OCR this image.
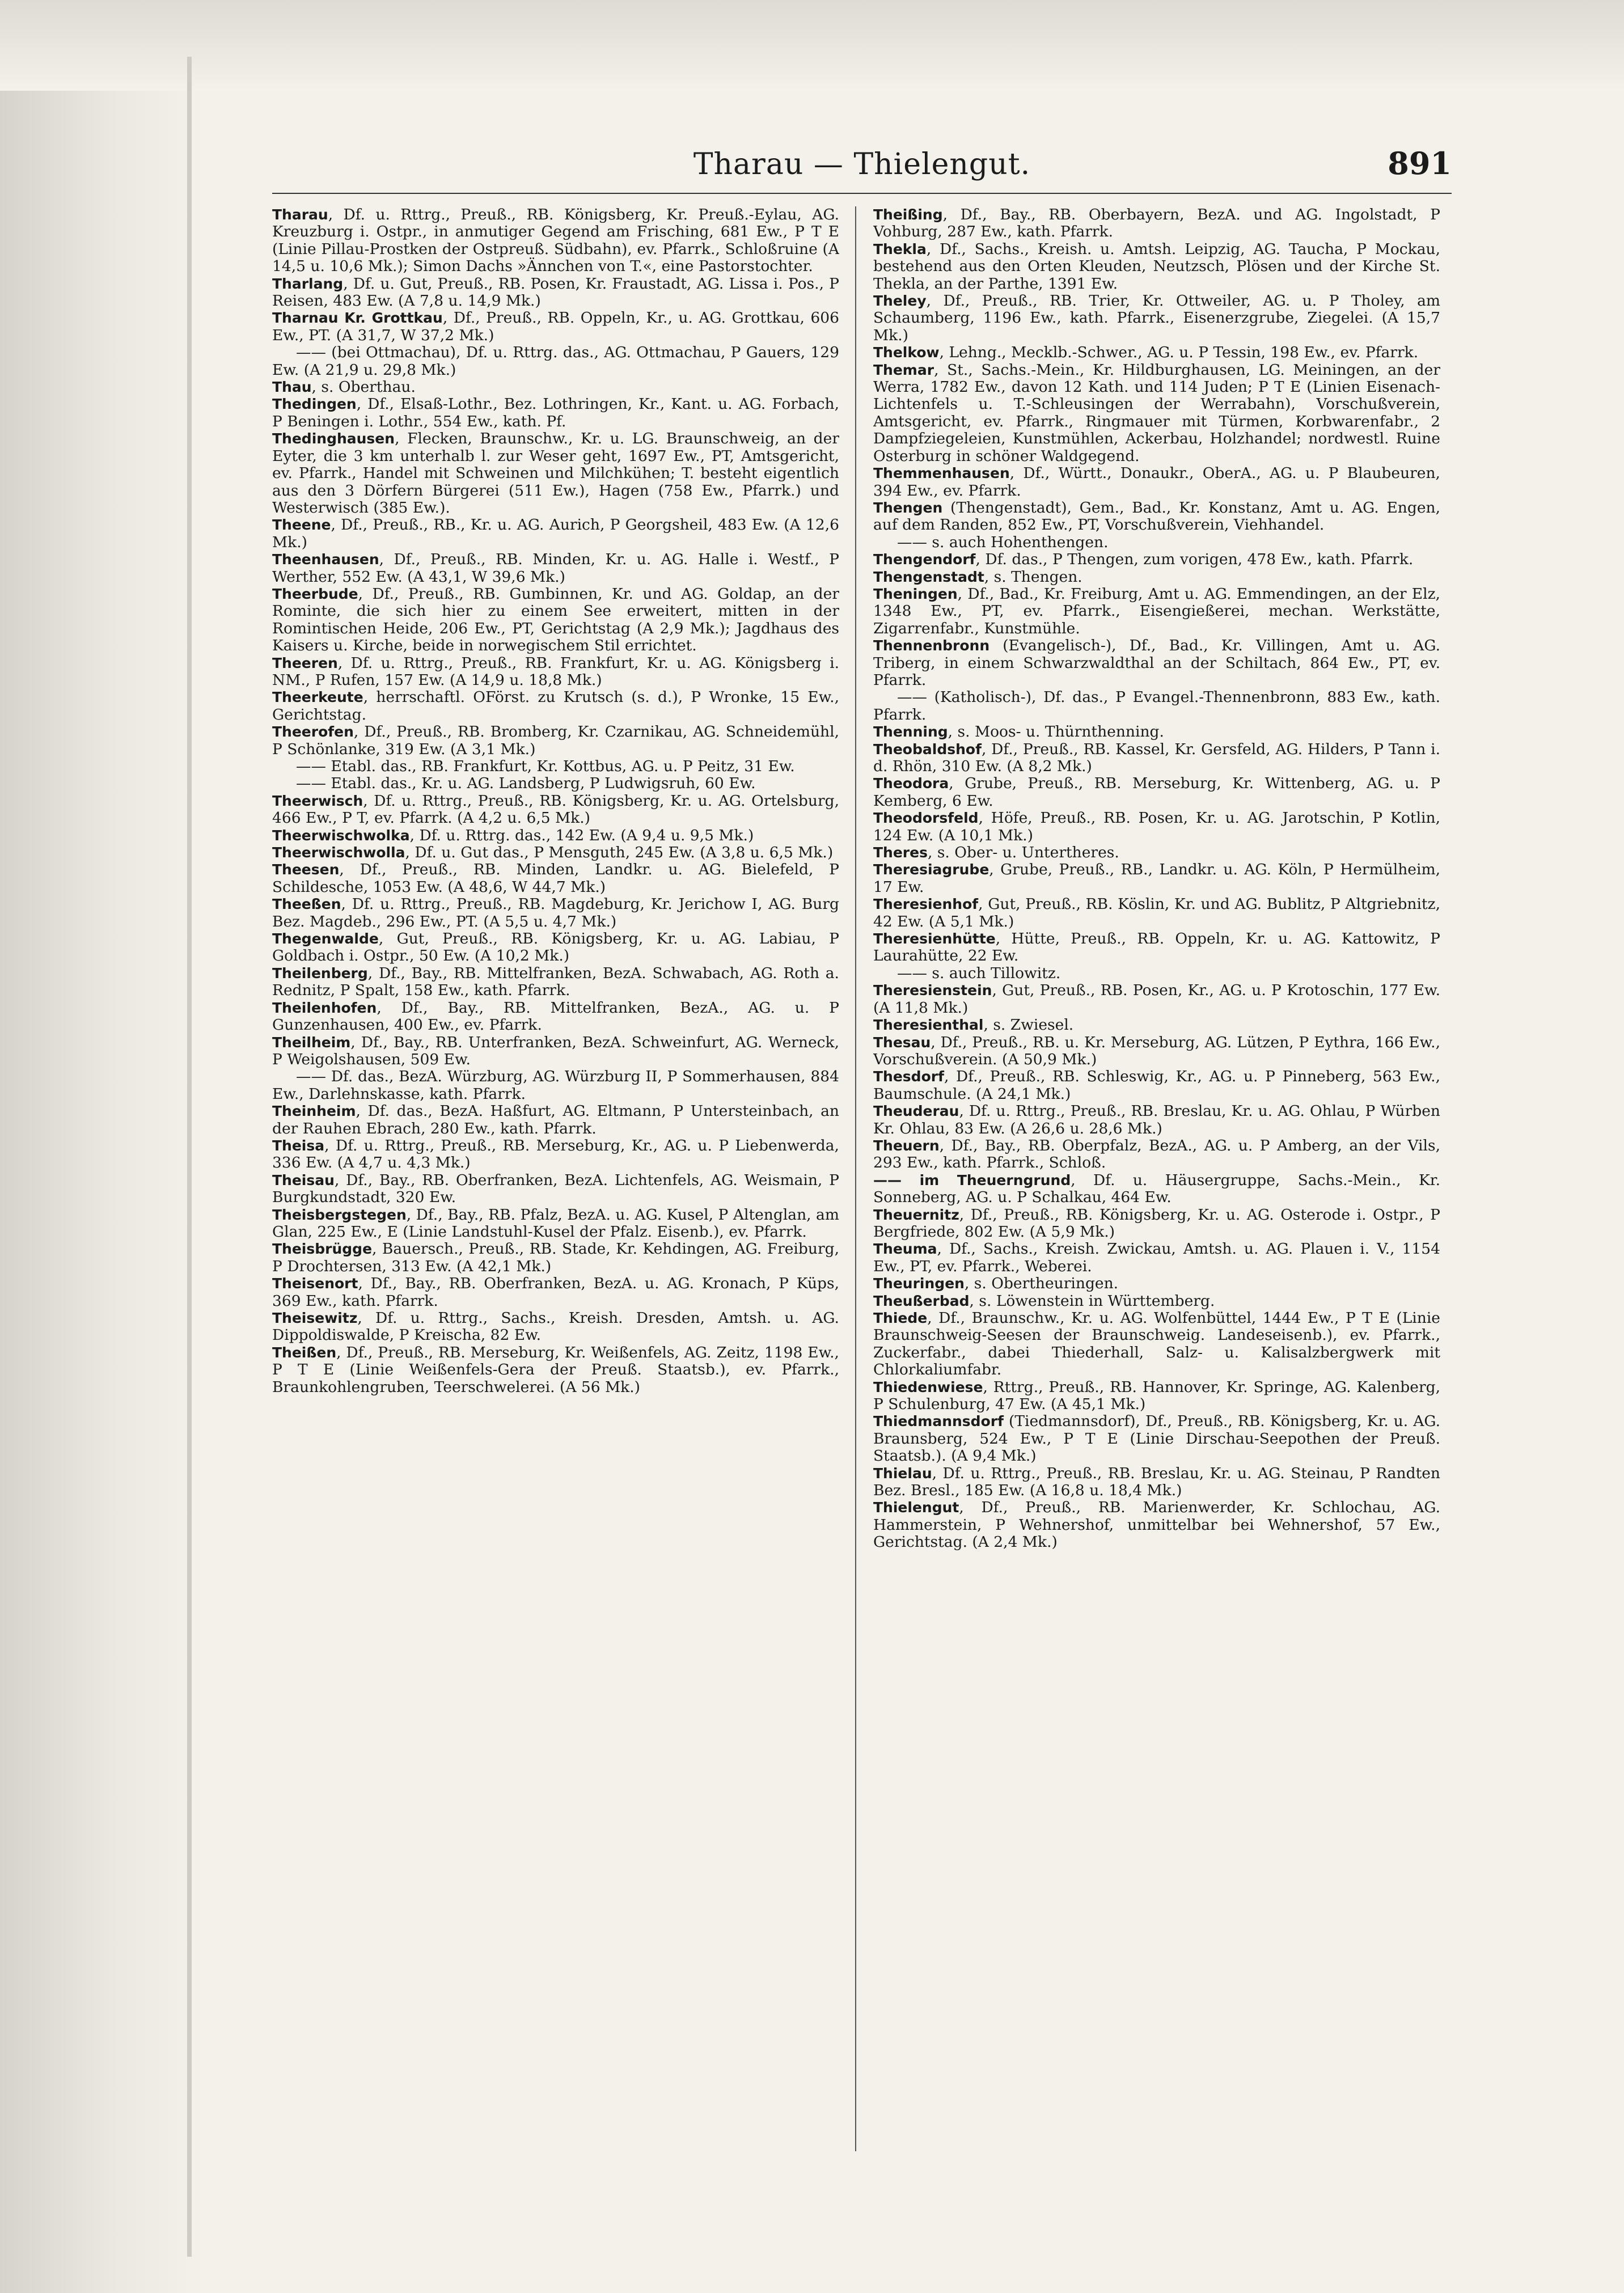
Tharau — Thielengut.	891

Tharau, Df. u. Rttrg., Preuß., RB. Königsberg, Kr. Preuß.-Eylau, AG. Kreuzburg i. Ostpr., in anmutiger Gegend am Frisching, 681 Ew., P T E (Linie Pillau-Prostken der Ostpreuß. Südbahn), ev. Pfarrk., Schloßruine (A 14,5 u. 10,6 Mk.); Simon Dachs »Ännchen von T.«, eine Pastorstochter.

Tharlang, Df. u. Gut, Preuß., RB. Posen, Kr. Fraustadt, AG. Lissa i. Pos., P Reisen, 483 Ew. (A 7,8 u. 14,9 Mk.)

Tharnau Kr. Grottkau, Df., Preuß., RB. Oppeln, Kr., u. AG. Grottkau, 606 Ew., PT. (A 31,7, W 37,2 Mk.)

—— (bei Ottmachau), Df. u. Rttrg. das., AG. Ottmachau, P Gauers, 129 Ew. (A 21,9 u. 29,8 Mk.)

Thau, s. Oberthau.

Thedingen, Df., Elsaß-Lothr., Bez. Lothringen, Kr., Kant. u. AG. Forbach, P Beningen i. Lothr., 554 Ew., kath. Pf.

Thedinghausen, Flecken, Braunschw., Kr. u. LG. Braunschweig, an der Eyter, die 3 km unterhalb l. zur Weser geht, 1697 Ew., PT, Amtsgericht, ev. Pfarrk., Handel mit Schweinen und Milchkühen; T. besteht eigentlich aus den 3 Dörfern Bürgerei (511 Ew.), Hagen (758 Ew., Pfarrk.) und Westerwisch (385 Ew.).

Theene, Df., Preuß., RB., Kr. u. AG. Aurich, P Georgsheil, 483 Ew. (A 12,6 Mk.)

Theenhausen, Df., Preuß., RB. Minden, Kr. u. AG. Halle i. Westf., P Werther, 552 Ew. (A 43,1, W 39,6 Mk.)

Theerbude, Df., Preuß., RB. Gumbinnen, Kr. und AG. Goldap, an der Rominte, die sich hier zu einem See erweitert, mitten in der Romintischen Heide, 206 Ew., PT, Gerichtstag (A 2,9 Mk.); Jagdhaus des Kaisers u. Kirche, beide in norwegischem Stil errichtet.

Theeren, Df. u. Rttrg., Preuß., RB. Frankfurt, Kr. u. AG. Königsberg i. NM., P Rufen, 157 Ew. (A 14,9 u. 18,8 Mk.)

Theerkeute, herrschaftl. OFörst. zu Krutsch (s. d.), P Wronke, 15 Ew., Gerichtstag.

Theerofen, Df., Preuß., RB. Bromberg, Kr. Czarnikau, AG. Schneidemühl, P Schönlanke, 319 Ew. (A 3,1 Mk.)

—— Etabl. das., RB. Frankfurt, Kr. Kottbus, AG. u. P Peitz, 31 Ew.

—— Etabl. das., Kr. u. AG. Landsberg, P Ludwigsruh, 60 Ew.

Theerwisch, Df. u. Rttrg., Preuß., RB. Königsberg, Kr. u. AG. Ortelsburg, 466 Ew., P T, ev. Pfarrk. (A 4,2 u. 6,5 Mk.)

Theerwischwolka, Df. u. Rttrg. das., 142 Ew. (A 9,4 u. 9,5 Mk.)

Theerwischwolla, Df. u. Gut das., P Mensguth, 245 Ew. (A 3,8 u. 6,5 Mk.)

Theesen, Df., Preuß., RB. Minden, Landkr. u. AG. Bielefeld, P Schildesche, 1053 Ew. (A 48,6, W 44,7 Mk.)

Theeßen, Df. u. Rttrg., Preuß., RB. Magdeburg, Kr. Jerichow I, AG. Burg Bez. Magdeb., 296 Ew., PT. (A 5,5 u. 4,7 Mk.)

Thegenwalde, Gut, Preuß., RB. Königsberg, Kr. u. AG. Labiau, P Goldbach i. Ostpr., 50 Ew. (A 10,2 Mk.)

Theilenberg, Df., Bay., RB. Mittelfranken, BezA. Schwabach, AG. Roth a. Rednitz, P Spalt, 158 Ew., kath. Pfarrk.

Theilenhofen, Df., Bay., RB. Mittelfranken, BezA., AG. u. P Gunzenhausen, 400 Ew., ev. Pfarrk.

Theilheim, Df., Bay., RB. Unterfranken, BezA. Schweinfurt, AG. Werneck, P Weigolshausen, 509 Ew.

—— Df. das., BezA. Würzburg, AG. Würzburg II, P Sommerhausen, 884 Ew., Darlehnskasse, kath. Pfarrk.

Theinheim, Df. das., BezA. Haßfurt, AG. Eltmann, P Untersteinbach, an der Rauhen Ebrach, 280 Ew., kath. Pfarrk.

Theisa, Df. u. Rttrg., Preuß., RB. Merseburg, Kr., AG. u. P Liebenwerda, 336 Ew. (A 4,7 u. 4,3 Mk.)

Theisau, Df., Bay., RB. Oberfranken, BezA. Lichtenfels, AG. Weismain, P Burgkundstadt, 320 Ew.

Theisbergstegen, Df., Bay., RB. Pfalz, BezA. u. AG. Kusel, P Altenglan, am Glan, 225 Ew., E (Linie Landstuhl-Kusel der Pfalz. Eisenb.), ev. Pfarrk.

Theisbrügge, Bauersch., Preuß., RB. Stade, Kr. Kehdingen, AG. Freiburg, P Drochtersen, 313 Ew. (A 42,1 Mk.)

Theisenort, Df., Bay., RB. Oberfranken, BezA. u. AG. Kronach, P Küps, 369 Ew., kath. Pfarrk.

Theisewitz, Df. u. Rttrg., Sachs., Kreish. Dresden, Amtsh. u. AG. Dippoldiswalde, P Kreischa, 82 Ew.

Theißen, Df., Preuß., RB. Merseburg, Kr. Weißenfels, AG. Zeitz, 1198 Ew., P T E (Linie Weißenfels-Gera der Preuß. Staatsb.), ev. Pfarrk., Braunkohlengruben, Teerschwelerei. (A 56 Mk.)

Theißing, Df., Bay., RB. Oberbayern, BezA. und AG. Ingolstadt, P Vohburg, 287 Ew., kath. Pfarrk.

Thekla, Df., Sachs., Kreish. u. Amtsh. Leipzig, AG. Taucha, P Mockau, bestehend aus den Orten Kleuden, Neutzsch, Plösen und der Kirche St. Thekla, an der Parthe, 1391 Ew.

Theley, Df., Preuß., RB. Trier, Kr. Ottweiler, AG. u. P Tholey, am Schaumberg, 1196 Ew., kath. Pfarrk., Eisenerzgrube, Ziegelei. (A 15,7 Mk.)

Thelkow, Lehng., Mecklb.-Schwer., AG. u. P Tessin, 198 Ew., ev. Pfarrk.

Themar, St., Sachs.-Mein., Kr. Hildburghausen, LG. Meiningen, an der Werra, 1782 Ew., davon 12 Kath. und 114 Juden; P T E (Linien Eisenach-Lichtenfels u. T.-Schleusingen der Werrabahn), Vorschußverein, Amtsgericht, ev. Pfarrk., Ringmauer mit Türmen, Korbwarenfabr., 2 Dampfziegeleien, Kunstmühlen, Ackerbau, Holzhandel; nordwestl. Ruine Osterburg in schöner Waldgegend.

Themmenhausen, Df., Württ., Donaukr., OberA., AG. u. P Blaubeuren, 394 Ew., ev. Pfarrk.

Thengen (Thengenstadt), Gem., Bad., Kr. Konstanz, Amt u. AG. Engen, auf dem Randen, 852 Ew., PT, Vorschußverein, Viehhandel.

—— s. auch Hohenthengen.

Thengendorf, Df. das., P Thengen, zum vorigen, 478 Ew., kath. Pfarrk.

Thengenstadt, s. Thengen.

Theningen, Df., Bad., Kr. Freiburg, Amt u. AG. Emmendingen, an der Elz, 1348 Ew., PT, ev. Pfarrk., Eisengießerei, mechan. Werkstätte, Zigarrenfabr., Kunstmühle.

Thennenbronn (Evangelisch-), Df., Bad., Kr. Villingen, Amt u. AG. Triberg, in einem Schwarzwaldthal an der Schiltach, 864 Ew., PT, ev. Pfarrk.

—— (Katholisch-), Df. das., P Evangel.-Thennenbronn, 883 Ew., kath. Pfarrk.

Thenning, s. Moos- u. Thürnthenning.

Theobaldshof, Df., Preuß., RB. Kassel, Kr. Gersfeld, AG. Hilders, P Tann i. d. Rhön, 310 Ew. (A 8,2 Mk.)

Theodora, Grube, Preuß., RB. Merseburg, Kr. Wittenberg, AG. u. P Kemberg, 6 Ew.

Theodorsfeld, Höfe, Preuß., RB. Posen, Kr. u. AG. Jarotschin, P Kotlin, 124 Ew. (A 10,1 Mk.)

Theres, s. Ober- u. Untertheres.

Theresiagrube, Grube, Preuß., RB., Landkr. u. AG. Köln, P Hermülheim, 17 Ew.

Theresienhof, Gut, Preuß., RB. Köslin, Kr. und AG. Bublitz, P Altgriebnitz, 42 Ew. (A 5,1 Mk.)

Theresienhütte, Hütte, Preuß., RB. Oppeln, Kr. u. AG. Kattowitz, P Laurahütte, 22 Ew.

—— s. auch Tillowitz.

Theresienstein, Gut, Preuß., RB. Posen, Kr., AG. u. P Krotoschin, 177 Ew. (A 11,8 Mk.)

Theresienthal, s. Zwiesel.

Thesau, Df., Preuß., RB. u. Kr. Merseburg, AG. Lützen, P Eythra, 166 Ew., Vorschußverein. (A 50,9 Mk.)

Thesdorf, Df., Preuß., RB. Schleswig, Kr., AG. u. P Pinneberg, 563 Ew., Baumschule. (A 24,1 Mk.)

Theuderau, Df. u. Rttrg., Preuß., RB. Breslau, Kr. u. AG. Ohlau, P Würben Kr. Ohlau, 83 Ew. (A 26,6 u. 28,6 Mk.)

Theuern, Df., Bay., RB. Oberpfalz, BezA., AG. u. P Amberg, an der Vils, 293 Ew., kath. Pfarrk., Schloß.

—— im Theuerngrund, Df. u. Häusergruppe, Sachs.-Mein., Kr. Sonneberg, AG. u. P Schalkau, 464 Ew.

Theuernitz, Df., Preuß., RB. Königsberg, Kr. u. AG. Osterode i. Ostpr., P Bergfriede, 802 Ew. (A 5,9 Mk.)

Theuma, Df., Sachs., Kreish. Zwickau, Amtsh. u. AG. Plauen i. V., 1154 Ew., PT, ev. Pfarrk., Weberei.

Theuringen, s. Obertheuringen.

Theußerbad, s. Löwenstein in Württemberg.

Thiede, Df., Braunschw., Kr. u. AG. Wolfenbüttel, 1444 Ew., P T E (Linie Braunschweig-Seesen der Braunschweig. Landeseisenb.), ev. Pfarrk., Zuckerfabr., dabei Thiederhall, Salz- u. Kalisalzbergwerk mit Chlorkaliumfabr.

Thiedenwiese, Rttrg., Preuß., RB. Hannover, Kr. Springe, AG. Kalenberg, P Schulenburg, 47 Ew. (A 45,1 Mk.)

Thiedmannsdorf (Tiedmannsdorf), Df., Preuß., RB. Königsberg, Kr. u. AG. Braunsberg, 524 Ew., P T E (Linie Dirschau-Seepothen der Preuß. Staatsb.). (A 9,4 Mk.)

Thielau, Df. u. Rttrg., Preuß., RB. Breslau, Kr. u. AG. Steinau, P Randten Bez. Bresl., 185 Ew. (A 16,8 u. 18,4 Mk.)

Thielengut, Df., Preuß., RB. Marienwerder, Kr. Schlochau, AG. Hammerstein, P Wehnershof, unmittelbar bei Wehnershof, 57 Ew., Gerichtstag. (A 2,4 Mk.)
